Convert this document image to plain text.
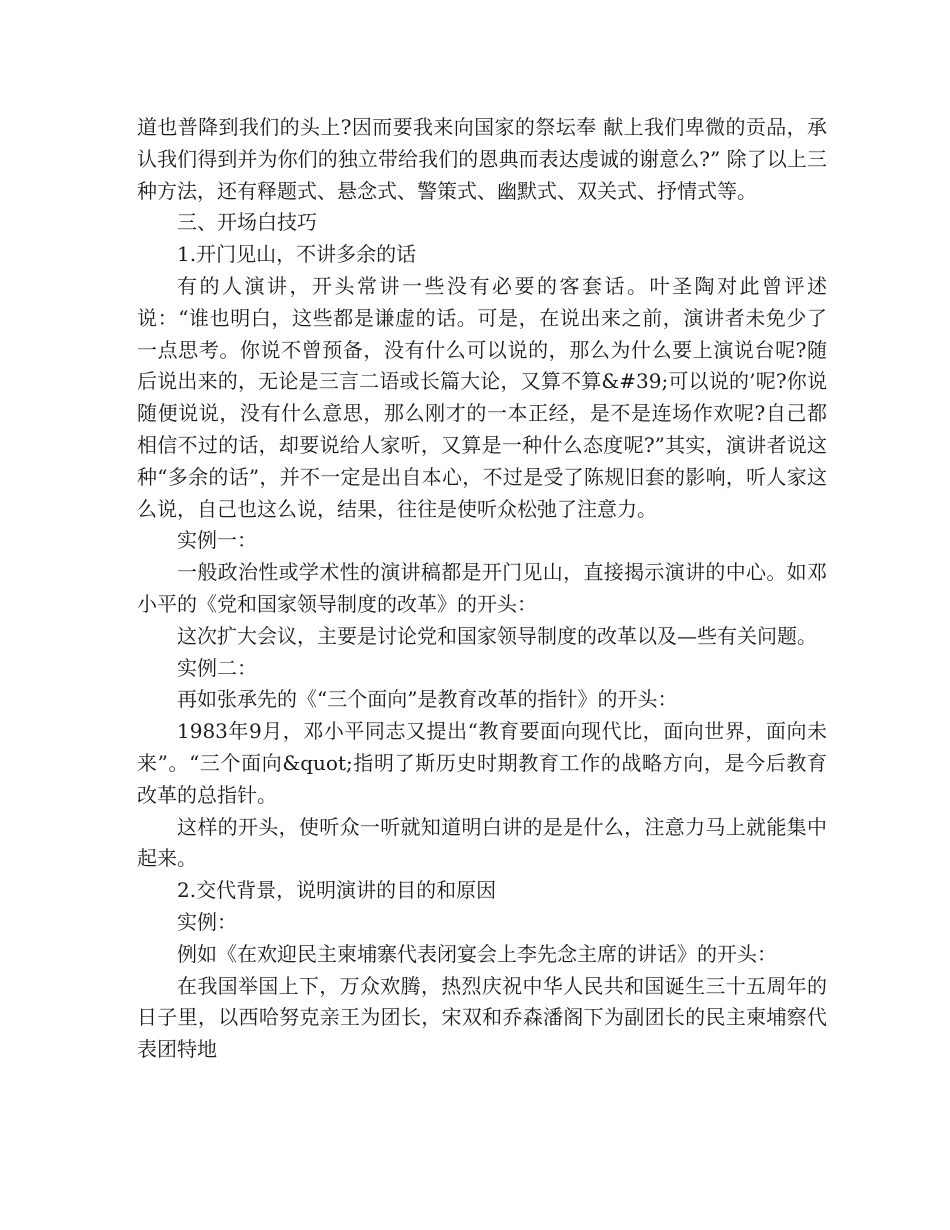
道也普降到我们的头上?因而要我来向国家的祭坛奉 献上我们卑微的贡品，承认我们得到并为你们的独立带给我们的恩典而表达虔诚的谢意么?” 除了以上三种方法，还有释题式、悬念式、警策式、幽默式、双关式、抒情式等。

三、开场白技巧

1.开门见山，不讲多余的话

有的人演讲，开头常讲一些没有必要的客套话。叶圣陶对此曾评述说：“谁也明白，这些都是谦虚的话。可是，在说出来之前，演讲者未免少了一点思考。你说不曾预备，没有什么可以说的，那么为什么要上演说台呢?随后说出来的，无论是三言二语或长篇大论，又算不算&#39;可以说的’呢?你说随便说说，没有什么意思，那么刚才的一本正经，是不是连场作欢呢?自己都相信不过的话，却要说给人家听，又算是一种什么态度呢?”其实，演讲者说这种“多余的话”，并不一定是出自本心，不过是受了陈规旧套的影响，听人家这么说，自己也这么说，结果，往往是使听众松弛了注意力。

实例一：

一般政治性或学术性的演讲稿都是开门见山，直接揭示演讲的中心。如邓小平的《党和国家领导制度的改革》的开头：

这次扩大会议，主要是讨论党和国家领导制度的改革以及—些有关问题。

实例二：

再如张承先的《“三个面向”是教育改革的指针》的开头：

1983年9月，邓小平同志又提出“教育要面向现代比，面向世界，面向未来”。“三个面向&quot;指明了斯历史时期教育工作的战略方向，是今后教育改革的总指针。

这样的开头，使听众一听就知道明白讲的是是什么，注意力马上就能集中起来。

2.交代背景，说明演讲的目的和原因

实例：

例如《在欢迎民主柬埔寨代表闭宴会上李先念主席的讲话》的开头：

在我国举国上下，万众欢腾，热烈庆祝中华人民共和国诞生三十五周年的日子里，以西哈努克亲王为团长，宋双和乔森潘阁下为副团长的民主柬埔察代表团特地
